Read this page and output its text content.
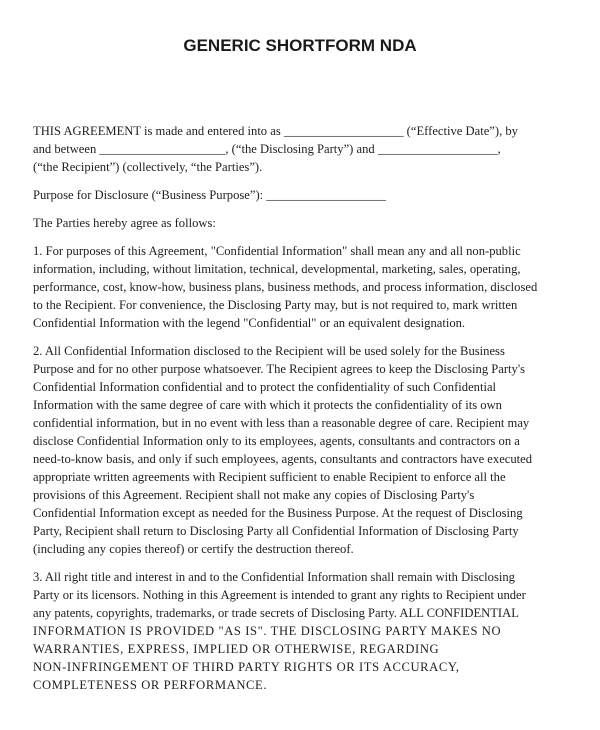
GENERIC SHORTFORM NDA
THIS AGREEMENT is made and entered into as ___________________ (“Effective Date”), by
and between ____________________, (“the Disclosing Party”) and ___________________,
(“the Recipient”) (collectively, “the Parties”).
Purpose for Disclosure (“Business Purpose”): ___________________
The Parties hereby agree as follows:
1. For purposes of this Agreement, "Confidential Information" shall mean any and all non-public
information, including, without limitation, technical, developmental, marketing, sales, operating,
performance, cost, know-how, business plans, business methods, and process information, disclosed
to the Recipient. For convenience, the Disclosing Party may, but is not required to, mark written
Confidential Information with the legend "Confidential" or an equivalent designation.
2. All Confidential Information disclosed to the Recipient will be used solely for the Business
Purpose and for no other purpose whatsoever. The Recipient agrees to keep the Disclosing Party's
Confidential Information confidential and to protect the confidentiality of such Confidential
Information with the same degree of care with which it protects the confidentiality of its own
confidential information, but in no event with less than a reasonable degree of care. Recipient may
disclose Confidential Information only to its employees, agents, consultants and contractors on a
need-to-know basis, and only if such employees, agents, consultants and contractors have executed
appropriate written agreements with Recipient sufficient to enable Recipient to enforce all the
provisions of this Agreement. Recipient shall not make any copies of Disclosing Party's
Confidential Information except as needed for the Business Purpose. At the request of Disclosing
Party, Recipient shall return to Disclosing Party all Confidential Information of Disclosing Party
(including any copies thereof) or certify the destruction thereof.
3. All right title and interest in and to the Confidential Information shall remain with Disclosing
Party or its licensors. Nothing in this Agreement is intended to grant any rights to Recipient under
any patents, copyrights, trademarks, or trade secrets of Disclosing Party. ALL CONFIDENTIAL
INFORMATION IS PROVIDED "AS IS". THE DISCLOSING PARTY MAKES NO
WARRANTIES, EXPRESS, IMPLIED OR OTHERWISE, REGARDING
NON-INFRINGEMENT OF THIRD PARTY RIGHTS OR ITS ACCURACY,
COMPLETENESS OR PERFORMANCE.
